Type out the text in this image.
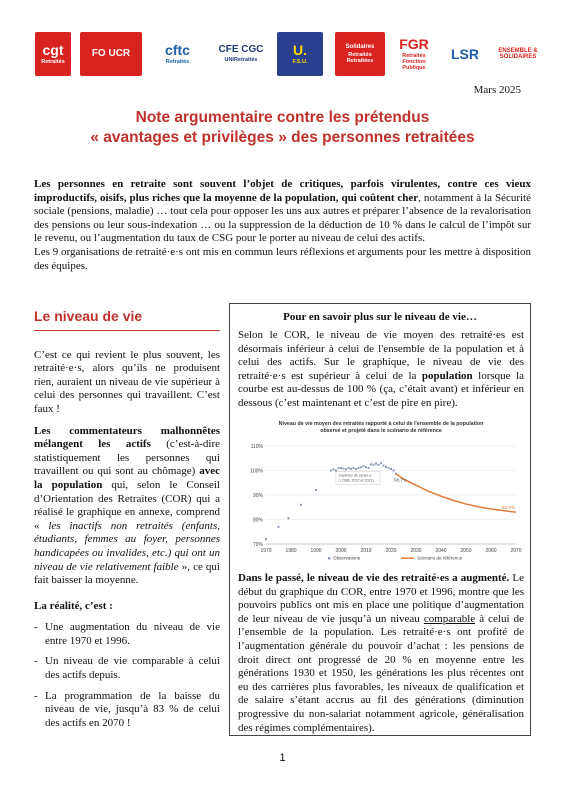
cgt
Retraités
FO UCR cftc
Retraités
CFE CGC
UNIRetraités
U.
F.S.U.
Solidaires
Retraités Retraitées
FGR
Retraités Fonction Publique
LSR	ENSEMBLE & SOLIDAIRES
Mars 2025
Note argumentaire contre les prétendus
« avantages et privilèges » des personnes retraitées

Les personnes en retraite sont souvent l’objet de critiques, parfois virulentes, contre ces vieux improductifs, oisifs, plus riches que la moyenne de la population, qui coûtent cher, notamment à la Sécurité sociale (pensions, maladie) … tout cela pour opposer les uns aux autres et préparer l’absence de la revalorisation des pensions ou leur sous-indexation … ou la suppression de la déduction de 10 % dans le calcul de l’impôt sur le revenu, ou l’augmentation du taux de CSG pour le porter au niveau de celui des actifs.

Les 9 organisations de retraité·e·s ont mis en commun leurs réflexions et arguments pour les mettre à disposition des équipes.

Le niveau de vie

C’est ce qui revient le plus souvent, les retraité·e·s, alors qu’ils ne produisent rien, auraient un niveau de vie supérieur à celui des personnes qui travaillent. C’est faux !

Les commentateurs malhonnêtes mélangent les actifs (c’est-à-dire statistiquement les personnes qui travaillent ou qui sont au chômage) avec la population qui, selon le Conseil d’Orientation des Retraites (COR) qui a réalisé le graphique en annexe, comprend « les inactifs non retraités (enfants, étudiants, femmes au foyer, personnes handicapées ou invalides, etc.) qui ont un niveau de vie relativement faible », ce qui fait baisser la moyenne.

La réalité, c’est :

- Une augmentation du niveau de vie entre 1970 et 1996.
- Un niveau de vie comparable à celui des actifs depuis.
- La programmation de la baisse du niveau de vie, jusqu’à 83 % de celui des actifs en 2070 !
Pour en savoir plus sur le niveau de vie…

Selon le COR, le niveau de vie moyen des retraité·es est désormais inférieur à celui de l'ensemble de la population et à celui des actifs. Sur le graphique, le niveau de vie des retraité·e·s est supérieur à celui de la population lorsque la courbe est au-dessus de 100 % (ça, c’était avant) et inférieur en dessous (c’est maintenant et c’est de pire en pire).

Niveau de vie moyen des retraités rapporté à celui de l'ensemble de la population
observé et projeté dans le scénario de référence
70%
80%
90%
100%
110%
1970	1980	1990	2000	2010	2020	2030	2040	2050	2060	2070
(ruptures de séries e
n 1996, 2012 et 2021)	98,7%
83,0%
Observations	Scénario de référence

Dans le passé, le niveau de vie des retraité·es a augmenté. Le début du graphique du COR, entre 1970 et 1996, montre que les pouvoirs publics ont mis en place une politique d’augmentation de leur niveau de vie jusqu’à un niveau comparable à celui de l’ensemble de la population. Les retraité·e·s ont profité de l’augmentation générale du pouvoir d’achat : les pensions de droit direct ont progressé de 20 % en moyenne entre les générations 1930 et 1950, les générations les plus récentes ont eu des carrières plus favorables, les niveaux de qualification et de salaire s’étant accrus au fil des générations (diminution progressive du non-salariat notamment agricole, généralisation des régimes complémentaires).

1
